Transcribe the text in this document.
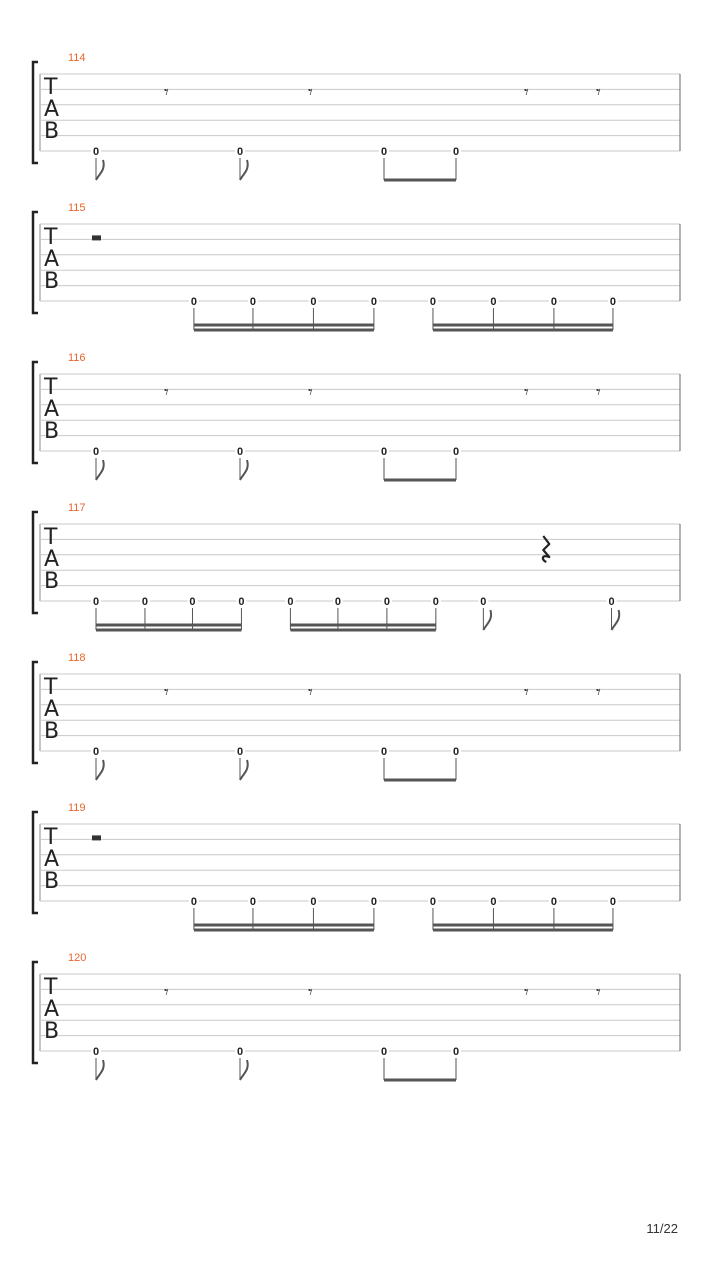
114
T
A
B
0	0	0	0
𝄾	𝄾	𝄾	𝄾
115
T
A
B
0	0	0	0	0	0	0	0
116
T
A
B
0	0	0	0
𝄾	𝄾	𝄾	𝄾
117
T
A
B
0	0	0	0	0	0	0	0	0	0
118
T
A
B
0	0	0	0
𝄾	𝄾	𝄾	𝄾
119
T
A
B
0	0	0	0	0	0	0	0
120
T
A
B
0	0	0	0
𝄾	𝄾	𝄾	𝄾
11/22
